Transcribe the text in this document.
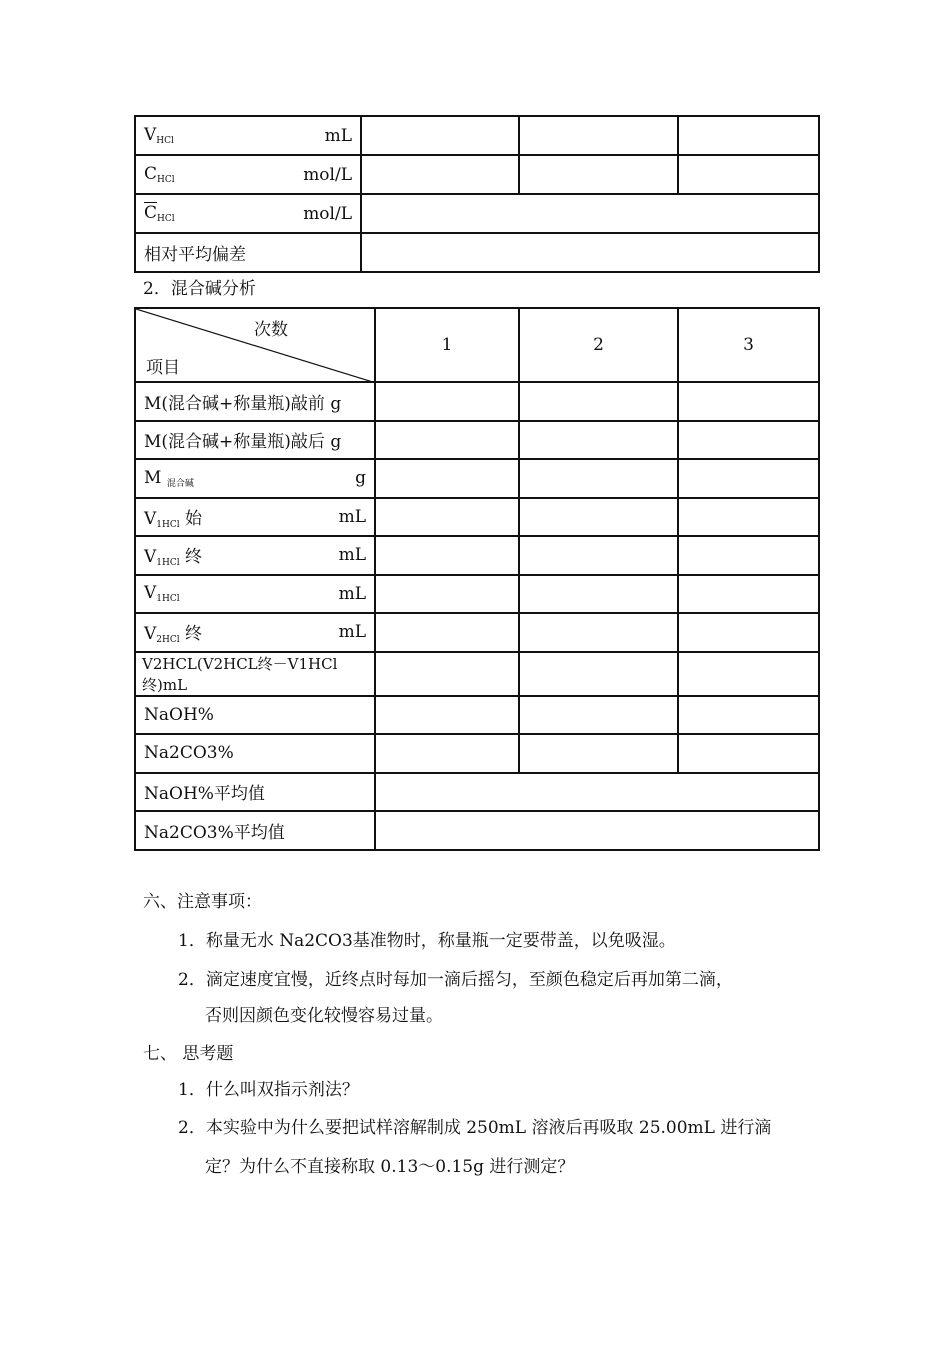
$V_{HCl}$ mL			

$C_{HCl}$ mol/L			

$\overline{C}_{HCl}$ mol/L			

相对平均偏差			
2．混合碱分析
次数
项目	1	2	3
M(混合碱+称量瓶)敲前 g			
M(混合碱+称量瓶)敲后 g			

M $_{混合碱}$ g			

$V_{1HCl}$ 始 mL			

$V_{1HCl}$ 终 mL			

$V_{1HCl}$ mL			

$V_{2HCl}$ 终 mL			

V2HCL(V2HCL终－V1HCl 终)mL			
NaOH%			
Na2CO3%			
NaOH%平均值			
Na2CO3%平均值			
六、注意事项：
1．称量无水 Na2CO3基准物时，称量瓶一定要带盖，以免吸湿。
2．滴定速度宜慢，近终点时每加一滴后摇匀，至颜色稳定后再加第二滴，
否则因颜色变化较慢容易过量。
七、 思考题
1．什么叫双指示剂法？
2．本实验中为什么要把试样溶解制成 250mL 溶液后再吸取 25.00mL 进行滴
定？为什么不直接称取 0.13～0.15g 进行测定？
